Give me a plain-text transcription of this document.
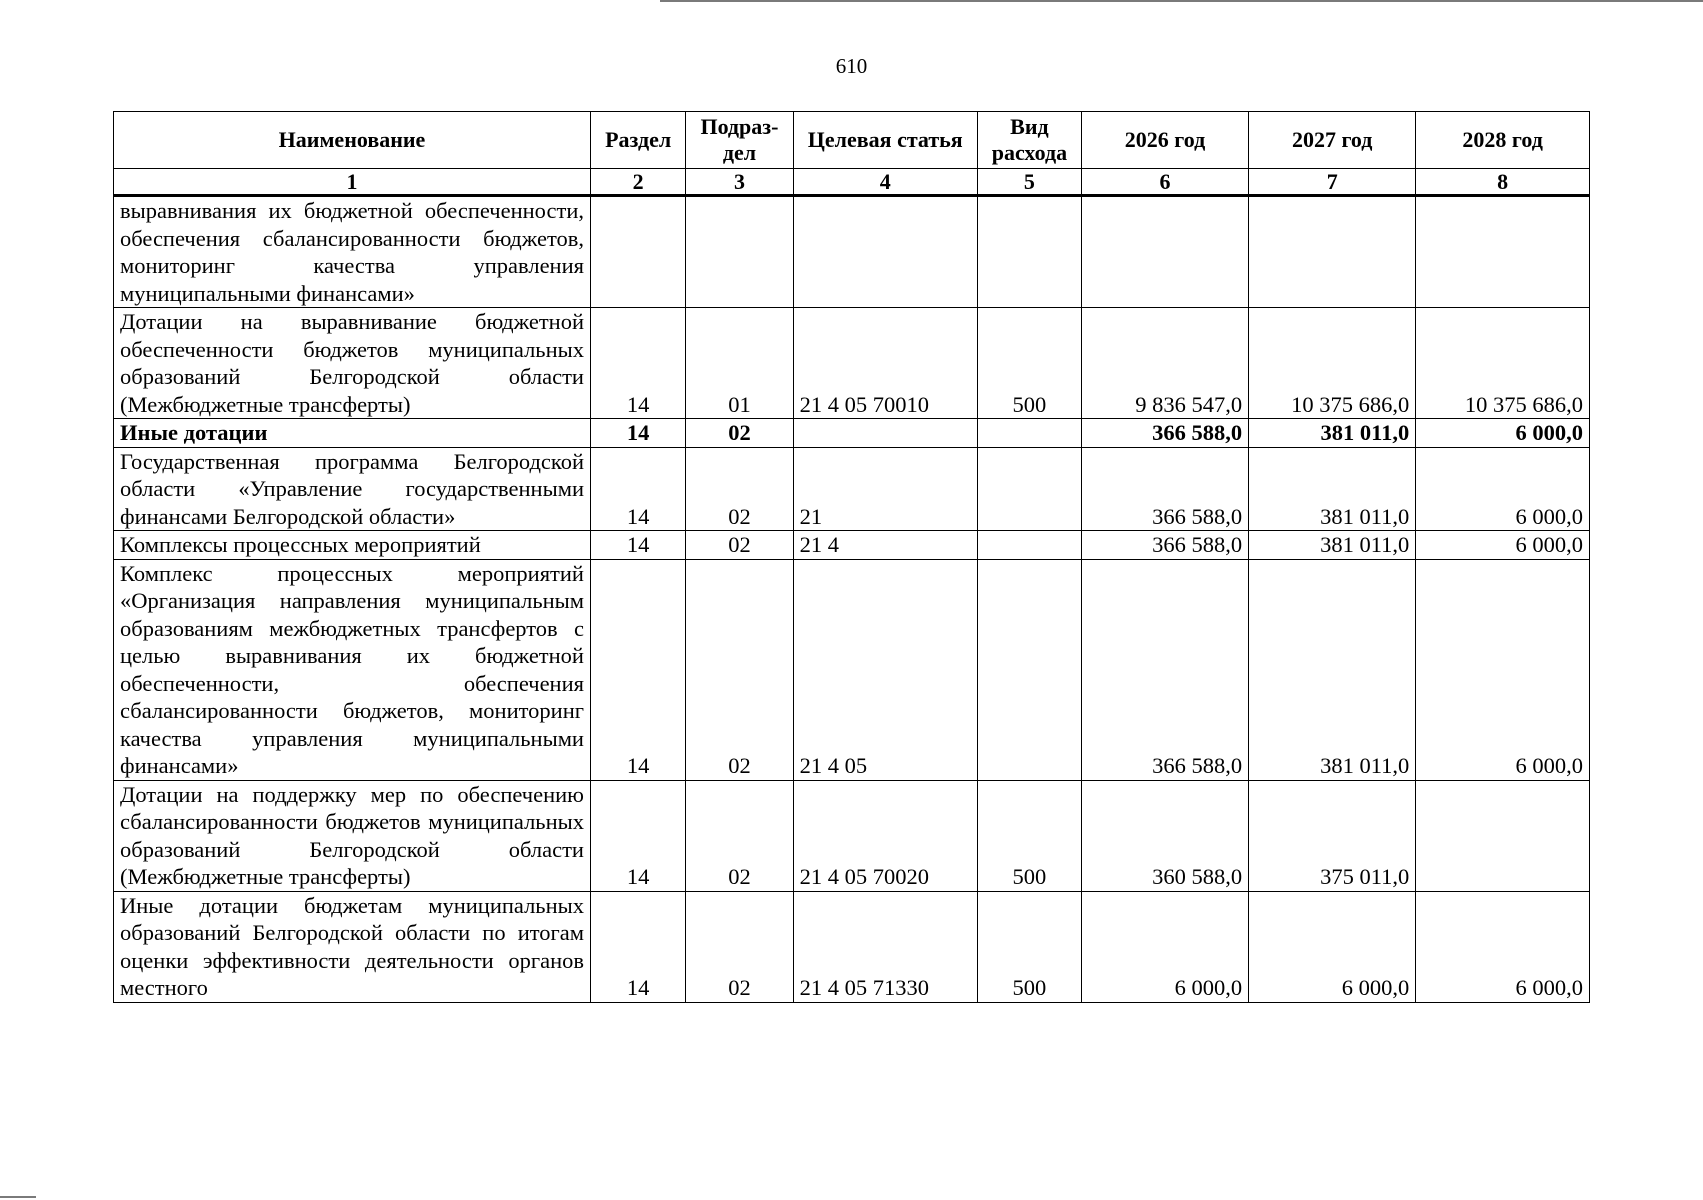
610
Наименование	Раздел	Подраз-дел	Целевая статья	Вид расхода	2026 год	2027 год	2028 год
1	2	3	4	5	6	7	8
выравнивания их бюджетной обеспеченности, обеспечения сбалансированности бюджетов, мониторинг качества управления муниципальными финансами»							
Дотации на выравнивание бюджетной обеспеченности бюджетов муниципальных образований Белгородской области (Межбюджетные трансферты)	14	01	21 4 05 70010	500	9 836 547,0	10 375 686,0	10 375 686,0
Иные дотации	14	02			366 588,0	381 011,0	6 000,0
Государственная программа Белгородской области «Управление государственными финансами Белгородской области»	14	02	21		366 588,0	381 011,0	6 000,0
Комплексы процессных мероприятий	14	02	21 4		366 588,0	381 011,0	6 000,0
Комплекс процессных мероприятий «Организация направления муниципальным образованиям межбюджетных трансфертов с целью выравнивания их бюджетной обеспеченности, обеспечения сбалансированности бюджетов, мониторинг качества управления муниципальными финансами»	14	02	21 4 05		366 588,0	381 011,0	6 000,0
Дотации на поддержку мер по обеспечению сбалансированности бюджетов муниципальных образований Белгородской области (Межбюджетные трансферты)	14	02	21 4 05 70020	500	360 588,0	375 011,0	
Иные дотации бюджетам муниципальных образований Белгородской области по итогам оценки эффективности деятельности органов местного	14	02	21 4 05 71330	500	6 000,0	6 000,0	6 000,0
